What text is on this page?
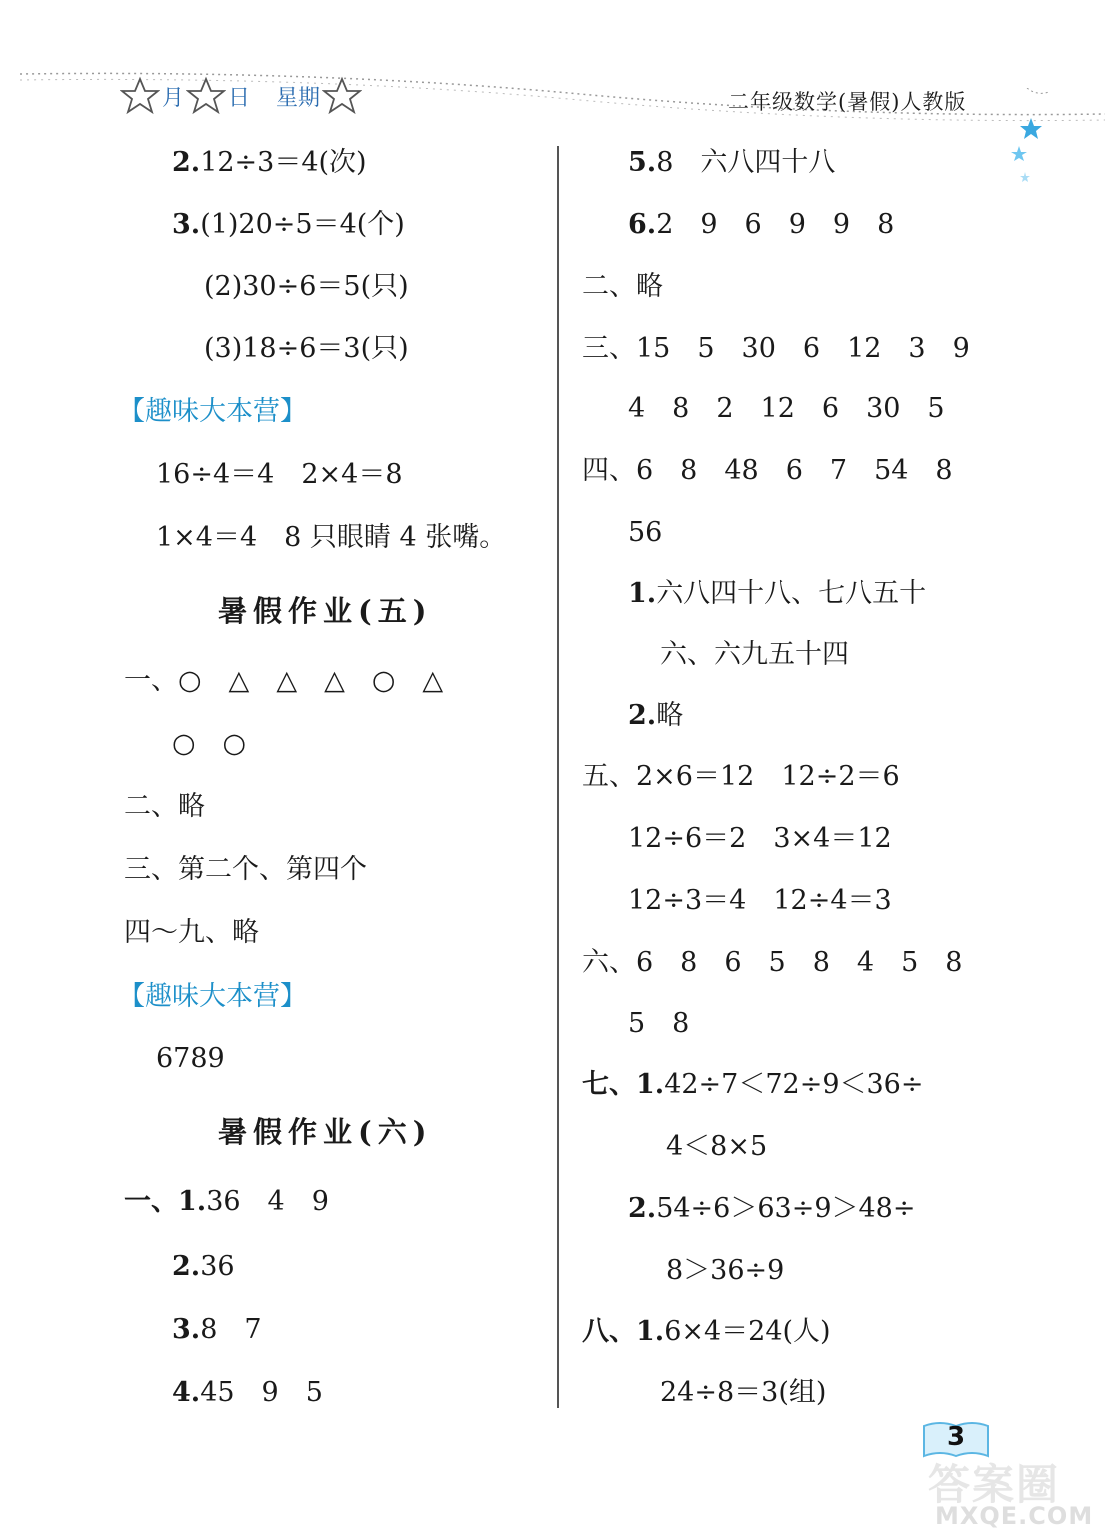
月 日 星期	二年级数学(暑假)人教版
2.12÷3＝4(次)
3.(1)20÷5＝4(个)
(2)30÷6＝5(只)
(3)18÷6＝3(只)
【趣味大本营】
16÷4＝4　2×4＝8
1×4＝4　8 只眼睛 4 张嘴。
暑假作业(五)
一、○　△　△　△　○　△
○　○
二、略
三、第二个、第四个
四～九、略
【趣味大本营】
6789
暑假作业(六)
一、1.36　4　9
2.36
3.8　7
4.45　9　5
5.8　六八四十八
6.2　9　6　9　9　8
二、略
三、15　5　30　6　12　3　9
4　8　2　12　6　30　5
四、6　8　48　6　7　54　8
56
1.六八四十八、七八五十
六、六九五十四
2.略
五、2×6＝12　12÷2＝6
12÷6＝2　3×4＝12
12÷3＝4　12÷4＝3
六、6　8　6　5　8　4　5　8
5　8
七、1.42÷7＜72÷9＜36÷
4＜8×5
2.54÷6＞63÷9＞48÷
8＞36÷9
八、1.6×4＝24(人)
24÷8＝3(组)
3
答案圈
MXQE.COM
